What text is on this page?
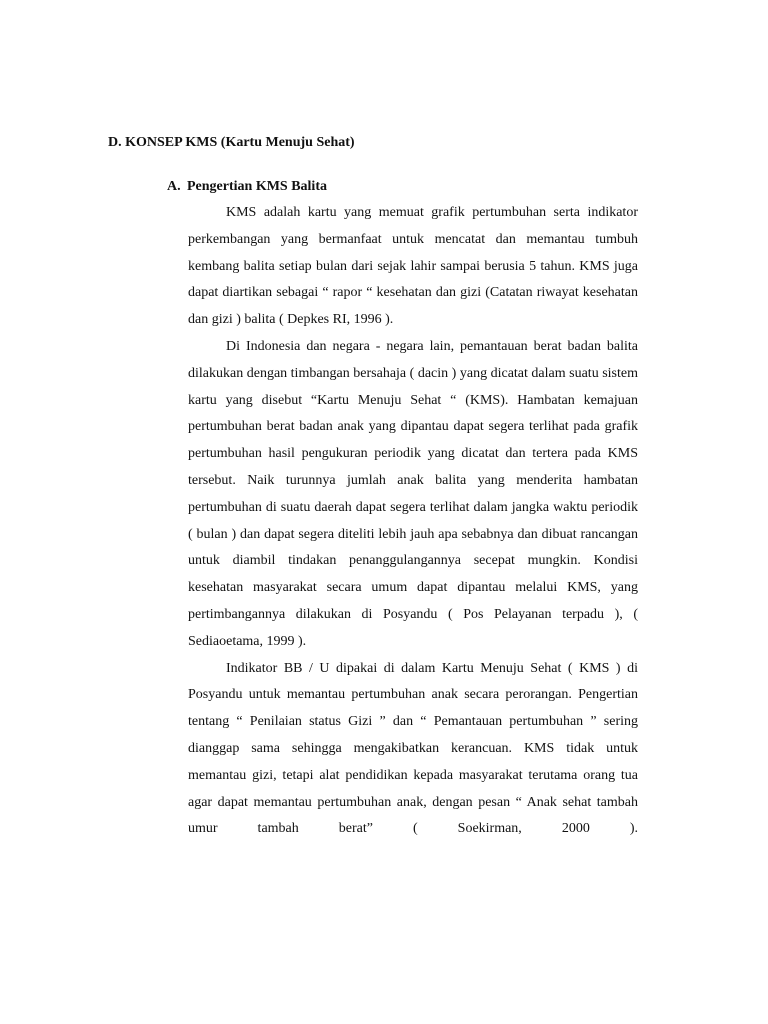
D. KONSEP KMS (Kartu Menuju Sehat)
A. Pengertian KMS Balita

KMS adalah kartu yang memuat grafik pertumbuhan serta indikator perkembangan yang bermanfaat untuk mencatat dan memantau tumbuh kembang balita setiap bulan dari sejak lahir sampai berusia 5 tahun. KMS juga dapat diartikan sebagai “ rapor “ kesehatan dan gizi (Catatan riwayat kesehatan dan gizi ) balita ( Depkes RI, 1996 ).

Di Indonesia dan negara - negara lain, pemantauan berat badan balita dilakukan dengan timbangan bersahaja ( dacin ) yang dicatat dalam suatu sistem kartu yang disebut “Kartu Menuju Sehat “ (KMS). Hambatan kemajuan pertumbuhan berat badan anak yang dipantau dapat segera terlihat pada grafik pertumbuhan hasil pengukuran periodik yang dicatat dan tertera pada KMS tersebut. Naik turunnya jumlah anak balita yang menderita hambatan pertumbuhan di suatu daerah dapat segera terlihat dalam jangka waktu periodik ( bulan ) dan dapat segera diteliti lebih jauh apa sebabnya dan dibuat rancangan untuk diambil tindakan penanggulangannya secepat mungkin. Kondisi kesehatan masyarakat secara umum dapat dipantau melalui KMS, yang pertimbangannya dilakukan di Posyandu ( Pos Pelayanan terpadu ), ( Sediaoetama, 1999 ).

Indikator BB / U dipakai di dalam Kartu Menuju Sehat ( KMS ) di Posyandu untuk memantau pertumbuhan anak secara perorangan. Pengertian tentang “ Penilaian status Gizi ” dan “ Pemantauan pertumbuhan ” sering dianggap sama sehingga mengakibatkan kerancuan. KMS tidak untuk memantau gizi, tetapi alat pendidikan kepada masyarakat terutama orang tua agar dapat memantau pertumbuhan anak, dengan pesan “ Anak sehat tambah umur tambah berat” ( Soekirman, 2000 ).
